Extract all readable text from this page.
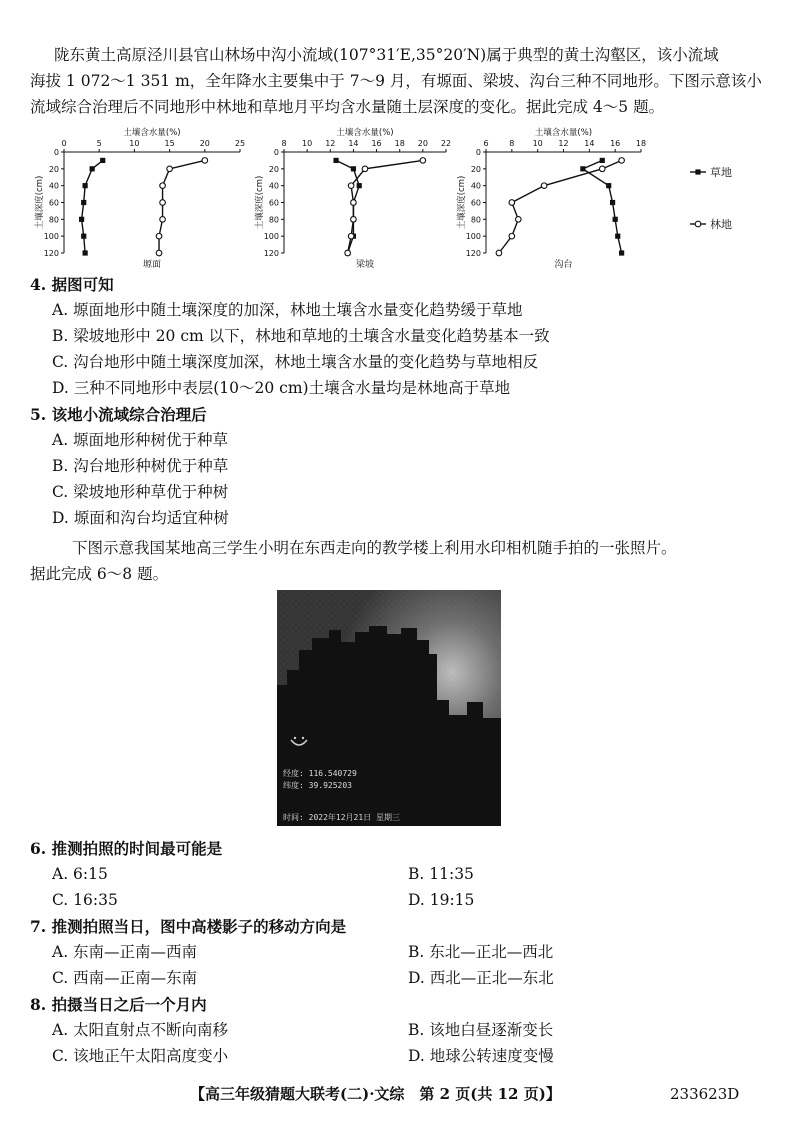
陇东黄土高原泾川县官山林场中沟小流域(107°31′E,35°20′N)属于典型的黄土沟壑区，该小流域
海拔 1 072～1 351 m，全年降水主要集中于 7～9 月，有塬面、梁坡、沟台三种不同地形。下图示意该小
流域综合治理后不同地形中林地和草地月平均含水量随土层深度的变化。据此完成 4～5 题。
0	5	10	15	20	25
0
20
40
60
80
100
120
土壤含水量(%)
土壤深度(cm)
塬面
8 10 12 14 16 18 20 22
0
20
40
60
80
100
120
土壤含水量(%)
土壤深度(cm)
梁坡
6	8 10 12 14 16 18
0
20
40
60
80
100
120
土壤含水量(%)
土壤深度(cm)
沟台
草地
林地
4. 据图可知
A. 塬面地形中随土壤深度的加深，林地土壤含水量变化趋势缓于草地
B. 梁坡地形中 20 cm 以下，林地和草地的土壤含水量变化趋势基本一致
C. 沟台地形中随土壤深度加深，林地土壤含水量的变化趋势与草地相反
D. 三种不同地形中表层(10～20 cm)土壤含水量均是林地高于草地
5. 该地小流域综合治理后
A. 塬面地形种树优于种草
B. 沟台地形种树优于种草
C. 梁坡地形种草优于种树
D. 塬面和沟台均适宜种树
下图示意我国某地高三学生小明在东西走向的教学楼上利用水印相机随手拍的一张照片。
据此完成 6～8 题。
经度: 116.540729
纬度: 39.925203
时间: 2022年12月21日 星期三
6. 推测拍照的时间最可能是
A. 6:15	B. 11:35
C. 16:35	D. 19:15
7. 推测拍照当日，图中高楼影子的移动方向是
A. 东南—正南—西南	B. 东北—正北—西北
C. 西南—正南—东南	D. 西北—正北—东北
8. 拍摄当日之后一个月内
A. 太阳直射点不断向南移	B. 该地白昼逐渐变长
C. 该地正午太阳高度变小	D. 地球公转速度变慢
【高三年级猜题大联考(二)·文综　第 2 页(共 12 页)】	233623D
